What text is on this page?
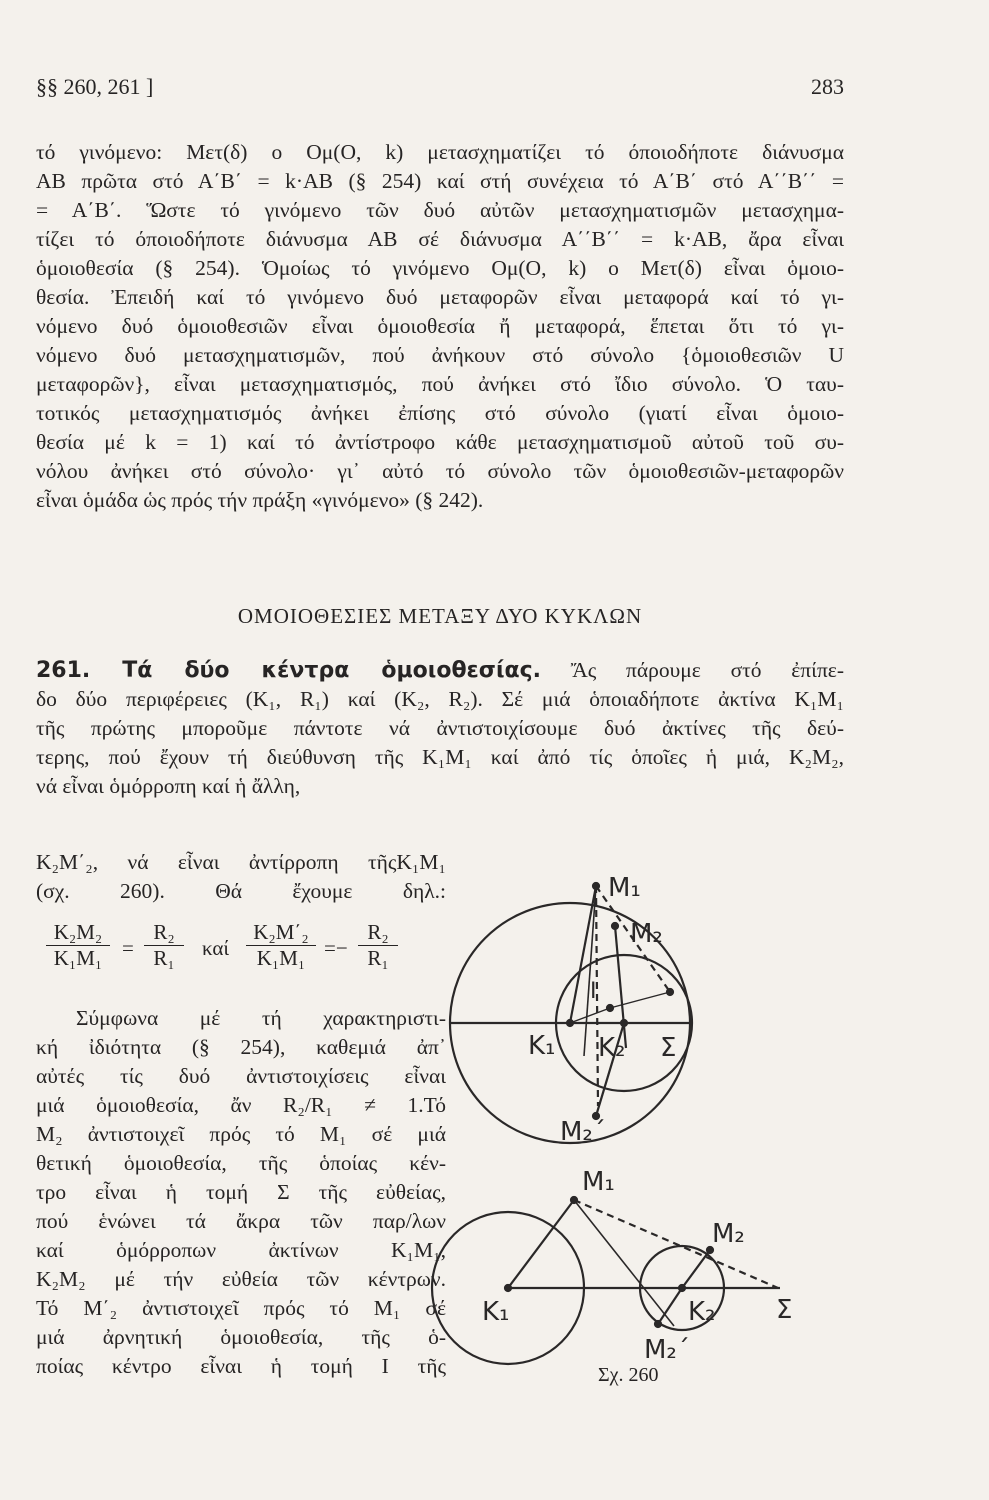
§§ 260, 261 ]	283
τό γινόμενο: Μετ(δ) ο Ομ(Ο, k) μετασχηματίζει τό όποιοδήποτε διάνυσμα
ΑΒ πρῶτα στό Α΄Β΄ = k·ΑΒ (§ 254) καί στή συνέχεια τό Α΄Β΄ στό Α΄΄Β΄΄ =
= Α΄Β΄. Ὥστε τό γινόμενο τῶν δυό αὐτῶν μετασχηματισμῶν μετασχημα-
τίζει τό όποιοδήποτε διάνυσμα ΑΒ σέ διάνυσμα Α΄΄Β΄΄ = k·ΑΒ, ἄρα εἶναι
ὁμοιοθεσία (§ 254). Ὁμοίως τό γινόμενο Ομ(Ο, k) ο Μετ(δ) εἶναι ὁμοιο-
θεσία. Ἐπειδή καί τό γινόμενο δυό μεταφορῶν εἶναι μεταφορά καί τό γι-
νόμενο δυό ὁμοιοθεσιῶν εἶναι ὁμοιοθεσία ἤ μεταφορά, ἕπεται ὅτι τό γι-
νόμενο δυό μετασχηματισμῶν, πού ἀνήκουν στό σύνολο {ὁμοιοθεσιῶν U
μεταφορῶν}, εἶναι μετασχηματισμός, πού ἀνήκει στό ἴδιο σύνολο. Ὁ ταυ-
τοτικός μετασχηματισμός ἀνήκει ἐπίσης στό σύνολο (γιατί εἶναι ὁμοιο-
θεσία μέ k = 1) καί τό ἀντίστροφο κάθε μετασχηματισμοῦ αὐτοῦ τοῦ συ-
νόλου ἀνήκει στό σύνολο· γι᾿ αὐτό τό σύνολο τῶν ὁμοιοθεσιῶν-μεταφορῶν
εἶναι ὁμάδα ὡς πρός τήν πράξη «γινόμενο» (§ 242).
ΟΜΟΙΟΘΕΣΙΕΣ ΜΕΤΑΞΥ ΔΥΟ ΚΥΚΛΩΝ
261. Τά δύο κέντρα ὁμοιοθεσίας. Ἄς πάρουμε στό ἐπίπε-
δο δύο περιφέρειες (Κ₁, R₁) καί (Κ₂, R₂). Σέ μιά ὁποιαδήποτε ἀκτίνα Κ₁Μ₁
τῆς πρώτης μποροῦμε πάντοτε νά ἀντιστοιχίσουμε δυό ἀκτίνες τῆς δεύ-
τερης, πού ἔχουν τή διεύθυνση τῆς Κ₁Μ₁ καί ἀπό τίς ὁποῖες ἡ μιά, Κ₂Μ₂,
νά εἶναι ὁμόρροπη καί ἡ ἄλλη,
Κ₂Μ΄₂, νά εἶναι ἀντίρροπη τῆςΚ₁Μ₁
(σχ. 260). Θά ἔχουμε δηλ.:
$\frac{\text{Κ₂Μ₂}}{\text{Κ₁Μ₁}} = \frac{\text{R₂}}{\text{R₁}}$ καί $\frac{\text{Κ₂Μ΄₂}}{\text{Κ₁Μ₁}} =- \frac{\text{R₂}}{\text{R₁}}$
Σύμφωνα μέ τή χαρακτηριστι-
κή ἰδιότητα (§ 254), καθεμιά ἀπ᾿
αὐτές τίς δυό ἀντιστοιχίσεις εἶναι
μιά ὁμοιοθεσία, ἄν R₂/R₁ ≠ 1.Τό
Μ₂ ἀντιστοιχεῖ πρός τό Μ₁ σέ μιά
θετική ὁμοιοθεσία, τῆς ὁποίας κέν-
τρο εἶναι ἡ τομή Σ τῆς εὐθείας,
πού ἑνώνει τά ἄκρα τῶν παρ/λων
καί ὁμόρροπων ἀκτίνων Κ₁Μ₁,
Κ₂Μ₂ μέ τήν εὐθεία τῶν κέντρων.
Τό Μ΄₂ ἀντιστοιχεῖ πρός τό Μ₁ σέ
μιά ἀρνητική ὁμοιοθεσία, τῆς ὁ-
ποίας κέντρο εἶναι ἡ τομή Ι τῆς
M₁
M₂
M₂΄
K₁ K₂
I
Σ
M₁
M₂
M₂΄
K₁	K₂ Σ
Σχ. 260
